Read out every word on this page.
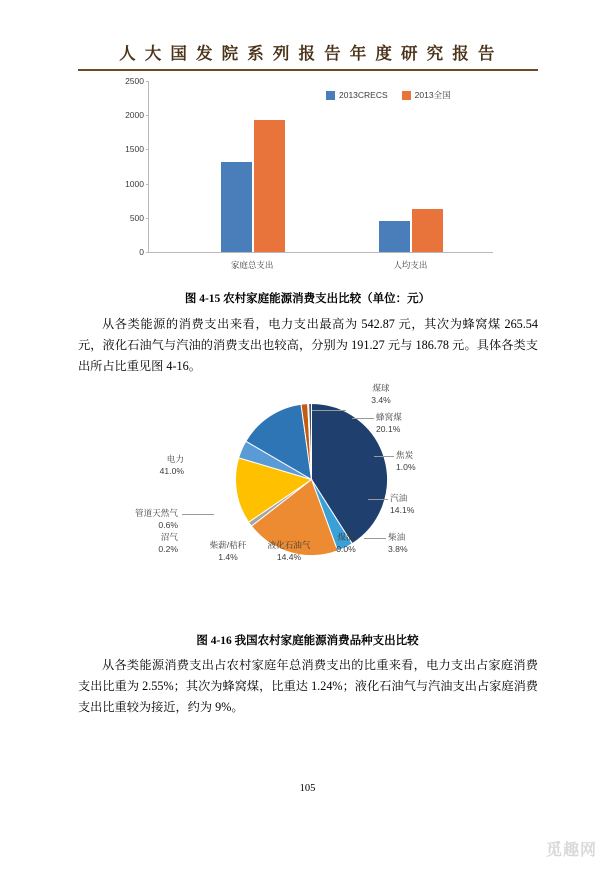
人 大 国 发 院 系 列 报 告 年 度 研 究 报 告
2013CRECS	2013全国
0
500
1000
1500
2000
2500
家庭总支出	人均支出
图 4-15 农村家庭能源消费支出比较（单位：元）
从各类能源的消费支出来看，电力支出最高为 542.87 元，其次为蜂窝煤 265.54 元，液化石油气与汽油的消费支出也较高，分别为 191.27 元与 186.78 元。具体各类支出所占比重见图 4-16。
煤球
3.4%
蜂窝煤
20.1%
焦炭
1.0%
汽油
14.1%
柴油
3.8%
煤油
0.0%
液化石油气
14.4%
柴薪/秸秆
1.4%
沼气
0.2%
管道天然气
0.6%
电力
41.0%
图 4-16 我国农村家庭能源消费品种支出比较
从各类能源消费支出占农村家庭年总消费支出的比重来看，电力支出占家庭消费支出比重为 2.55%；其次为蜂窝煤，比重达 1.24%；液化石油气与汽油支出占家庭消费支出比重较为接近，约为 9%。
105
觅趣网
